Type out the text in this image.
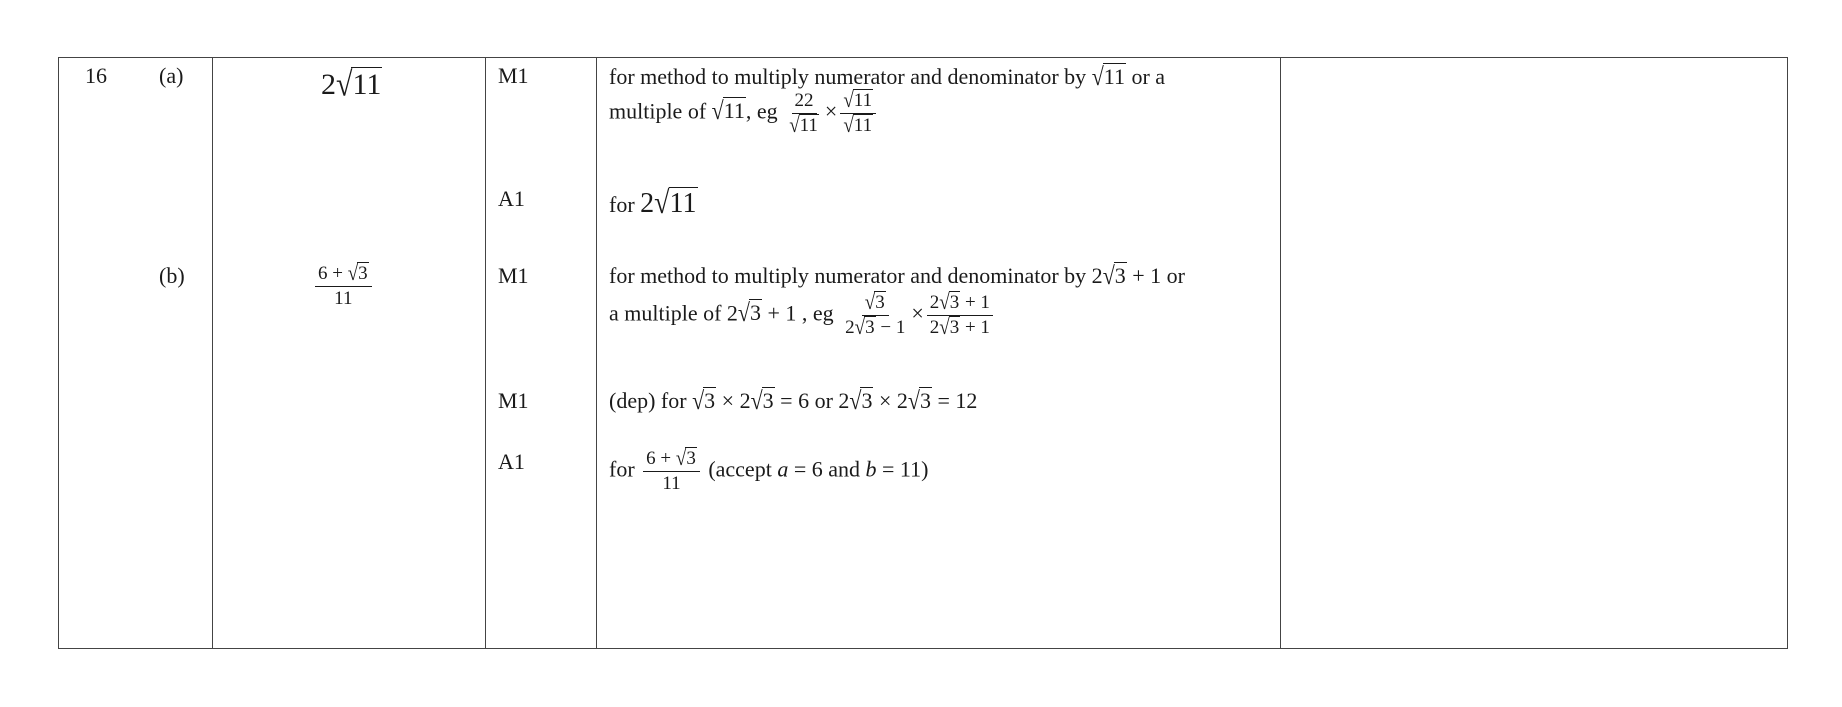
16 (a)
(b)
2√11
$\frac{6 + √3}{11}$
M1
A1
M1
M1
A1
for method to multiply numerator and denominator by √11 or a
multiple of √11, eg $\frac{22}{√11} \times \frac{√11}{√11}$
for 2√11
for method to multiply numerator and denominator by 2√3 + 1 or
a multiple of 2√3 + 1 , eg $\frac{√3}{2√3 - 1} \times \frac{2√3 + 1}{2√3 + 1}$
(dep) for √3 × 2√3 = 6 or 2√3 × 2√3 = 12
for $\frac{6 + √3}{11}$ (accept a = 6 and b = 11)
